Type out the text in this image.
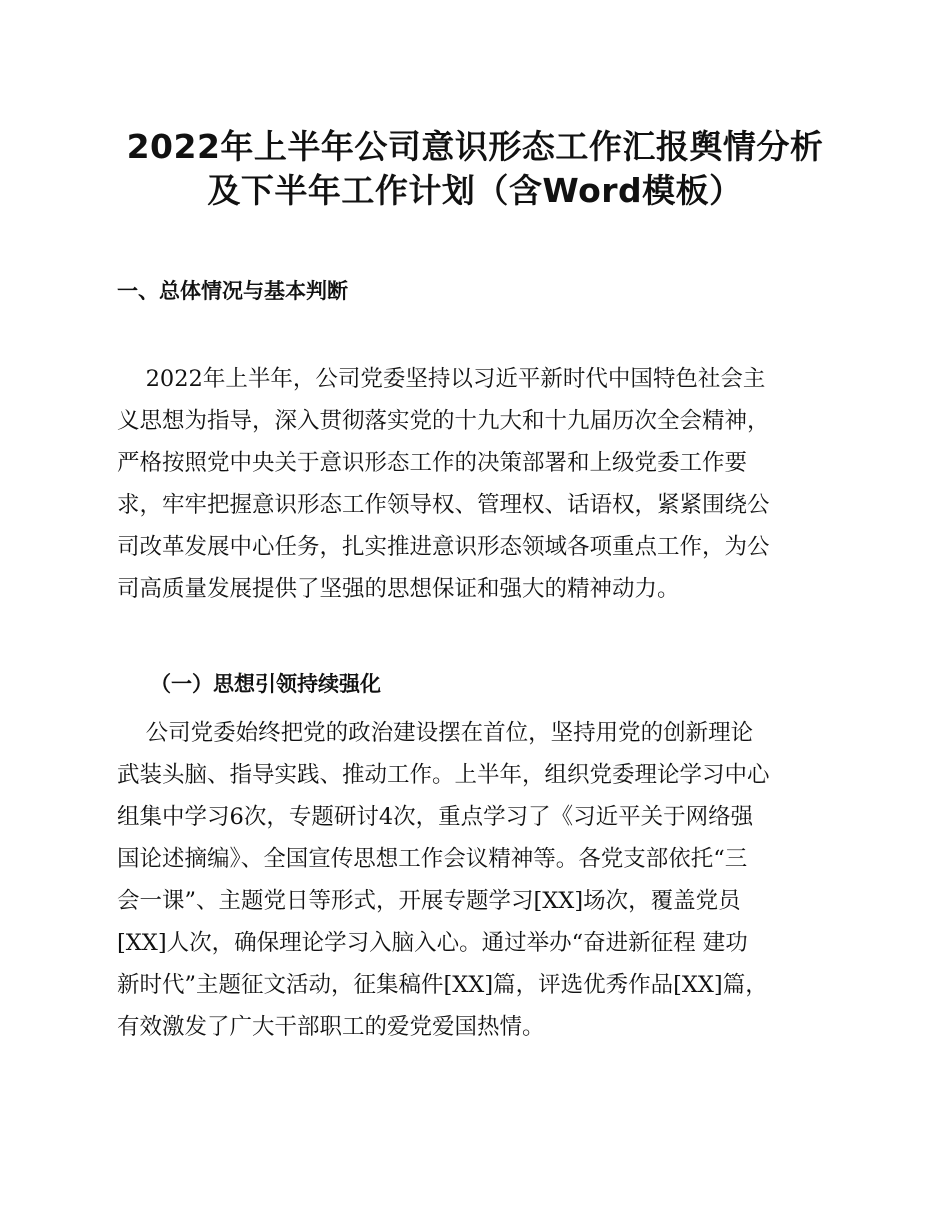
2022年上半年公司意识形态工作汇报舆情分析
及下半年工作计划（含Word模板）
一、总体情况与基本判断
2022年上半年，公司党委坚持以习近平新时代中国特色社会主
义思想为指导，深入贯彻落实党的十九大和十九届历次全会精神，
严格按照党中央关于意识形态工作的决策部署和上级党委工作要
求，牢牢把握意识形态工作领导权、管理权、话语权，紧紧围绕公
司改革发展中心任务，扎实推进意识形态领域各项重点工作，为公
司高质量发展提供了坚强的思想保证和强大的精神动力。
（一）思想引领持续强化
公司党委始终把党的政治建设摆在首位，坚持用党的创新理论
武装头脑、指导实践、推动工作。上半年，组织党委理论学习中心
组集中学习6次，专题研讨4次，重点学习了《习近平关于网络强
国论述摘编》、全国宣传思想工作会议精神等。各党支部依托“三
会一课”、主题党日等形式，开展专题学习[XX]场次，覆盖党员
[XX]人次，确保理论学习入脑入心。通过举办“奋进新征程 建功
新时代”主题征文活动，征集稿件[XX]篇，评选优秀作品[XX]篇，
有效激发了广大干部职工的爱党爱国热情。
